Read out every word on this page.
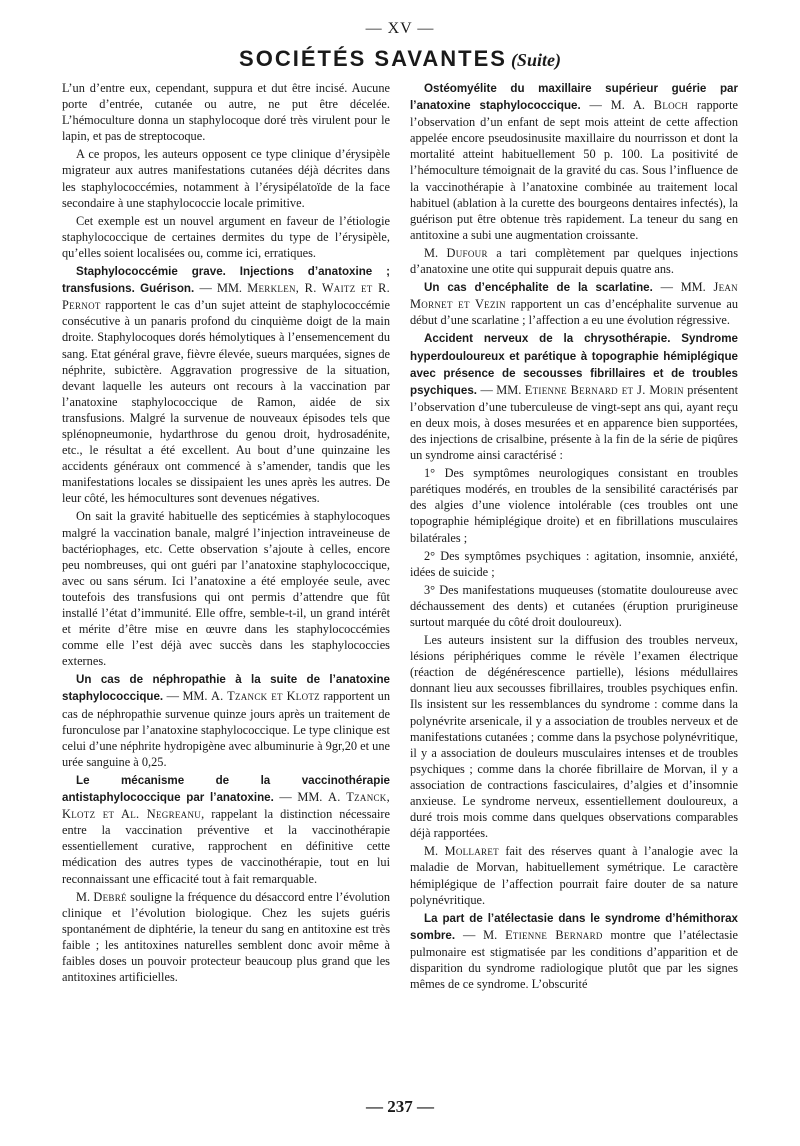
— XV —
SOCIÉTÉS SAVANTES (Suite)

L’un d’entre eux, cependant, suppura et dut être incisé. Aucune porte d’entrée, cutanée ou autre, ne put être décelée. L’hémoculture donna un staphylocoque doré très virulent pour le lapin, et pas de streptocoque.

A ce propos, les auteurs opposent ce type clinique d’érysipèle migrateur aux autres manifestations cutanées déjà décrites dans les staphylococcémies, notamment à l’érysipélatoïde de la face secondaire à une staphylococcie locale primitive.

Cet exemple est un nouvel argument en faveur de l’étiologie staphylococcique de certaines dermites du type de l’érysipèle, qu’elles soient localisées ou, comme ici, erratiques.

Staphylococcémie grave. Injections d’anatoxine ; transfusions. Guérison. — MM. Merklen, R. Waitz et R. Pernot rapportent le cas d’un sujet atteint de staphylococcémie consécutive à un panaris profond du cinquième doigt de la main droite. Staphylocoques dorés hémolytiques à l’ensemencement du sang. Etat général grave, fièvre élevée, sueurs marquées, signes de néphrite, subictère. Aggravation progressive de la situation, devant laquelle les auteurs ont recours à la vaccination par l’anatoxine staphylococcique de Ramon, aidée de six transfusions. Malgré la survenue de nouveaux épisodes tels que splénopneumonie, hydarthrose du genou droit, hydrosadénite, etc., le résultat a été excellent. Au bout d’une quinzaine les accidents généraux ont commencé à s’amender, tandis que les manifestations locales se dissipaient les unes après les autres. De leur côté, les hémocultures sont devenues négatives.

On sait la gravité habituelle des septicémies à staphylocoques malgré la vaccination banale, malgré l’injection intraveineuse de bactériophages, etc. Cette observation s’ajoute à celles, encore peu nombreuses, qui ont guéri par l’anatoxine staphylococcique, avec ou sans sérum. Ici l’anatoxine a été employée seule, avec toutefois des transfusions qui ont permis d’attendre que fût installé l’état d’immunité. Elle offre, semble-t-il, un grand intérêt et mérite d’être mise en œuvre dans les staphylococcémies comme elle l’est déjà avec succès dans les staphylococcies externes.

Un cas de néphropathie à la suite de l’anatoxine staphylococcique. — MM. A. Tzanck et Klotz rapportent un cas de néphropathie survenue quinze jours après un traitement de furonculose par l’anatoxine staphylococcique. Le type clinique est celui d’une néphrite hydropigène avec albuminurie à 9gr,20 et une urée sanguine à 0,25.

Le mécanisme de la vaccinothérapie antistaphylococcique par l’anatoxine. — MM. A. Tzanck, Klotz et Al. Negreanu, rappelant la distinction nécessaire entre la vaccination préventive et la vaccinothérapie essentiellement curative, rapprochent en définitive cette médication des autres types de vaccinothérapie, tout en lui reconnaissant une efficacité tout à fait remarquable.

M. Debré souligne la fréquence du désaccord entre l’évolution clinique et l’évolution biologique. Chez les sujets guéris spontanément de diphtérie, la teneur du sang en antitoxine est très faible ; les antitoxines naturelles semblent donc avoir même à faibles doses un pouvoir protecteur beaucoup plus grand que les antitoxines artificielles.

Ostéomyélite du maxillaire supérieur guérie par l’anatoxine staphylococcique. — M. A. Bloch rapporte l’observation d’un enfant de sept mois atteint de cette affection appelée encore pseudosinusite maxillaire du nourrisson et dont la mortalité atteint habituellement 50 p. 100. La positivité de l’hémoculture témoignait de la gravité du cas. Sous l’influence de la vaccinothérapie à l’anatoxine combinée au traitement local habituel (ablation à la curette des bourgeons dentaires infectés), la guérison put être obtenue très rapidement. La teneur du sang en antitoxine a subi une augmentation croissante.

M. Dufour a tari complètement par quelques injections d’anatoxine une otite qui suppurait depuis quatre ans.

Un cas d’encéphalite de la scarlatine. — MM. Jean Mornet et Vezin rapportent un cas d’encéphalite survenue au début d’une scarlatine ; l’affection a eu une évolution régressive.

Accident nerveux de la chrysothérapie. Syndrome hyperdouloureux et parétique à topographie hémiplégique avec présence de secousses fibrillaires et de troubles psychiques. — MM. Etienne Bernard et J. Morin présentent l’observation d’une tuberculeuse de vingt-sept ans qui, ayant reçu en deux mois, à doses mesurées et en apparence bien supportées, des injections de crisalbine, présente à la fin de la série de piqûres un syndrome ainsi caractérisé :

1° Des symptômes neurologiques consistant en troubles parétiques modérés, en troubles de la sensibilité caractérisés par des algies d’une violence intolérable (ces troubles ont une topographie hémiplégique droite) et en fibrillations musculaires bilatérales ;

2° Des symptômes psychiques : agitation, insomnie, anxiété, idées de suicide ;

3° Des manifestations muqueuses (stomatite douloureuse avec déchaussement des dents) et cutanées (éruption prurigineuse surtout marquée du côté droit douloureux).

Les auteurs insistent sur la diffusion des troubles nerveux, lésions périphériques comme le révèle l’examen électrique (réaction de dégénérescence partielle), lésions médullaires donnant lieu aux secousses fibrillaires, troubles psychiques enfin. Ils insistent sur les ressemblances du syndrome : comme dans la polynévrite arsenicale, il y a association de troubles nerveux et de manifestations cutanées ; comme dans la psychose polynévritique, il y a association de douleurs musculaires intenses et de troubles psychiques ; comme dans la chorée fibrillaire de Morvan, il y a association de contractions fasciculaires, d’algies et d’insomnie anxieuse. Le syndrome nerveux, essentiellement douloureux, a duré trois mois comme dans quelques observations comparables déjà rapportées.

M. Mollaret fait des réserves quant à l’analogie avec la maladie de Morvan, habituellement symétrique. Le caractère hémiplégique de l’affection pourrait faire douter de sa nature polynévritique.

La part de l’atélectasie dans le syndrome d’hémithorax sombre. — M. Etienne Bernard montre que l’atélectasie pulmonaire est stigmatisée par les conditions d’apparition et de disparition du syndrome radiologique plutôt que par les signes mêmes de ce syndrome. L’obscurité

— 237 —
